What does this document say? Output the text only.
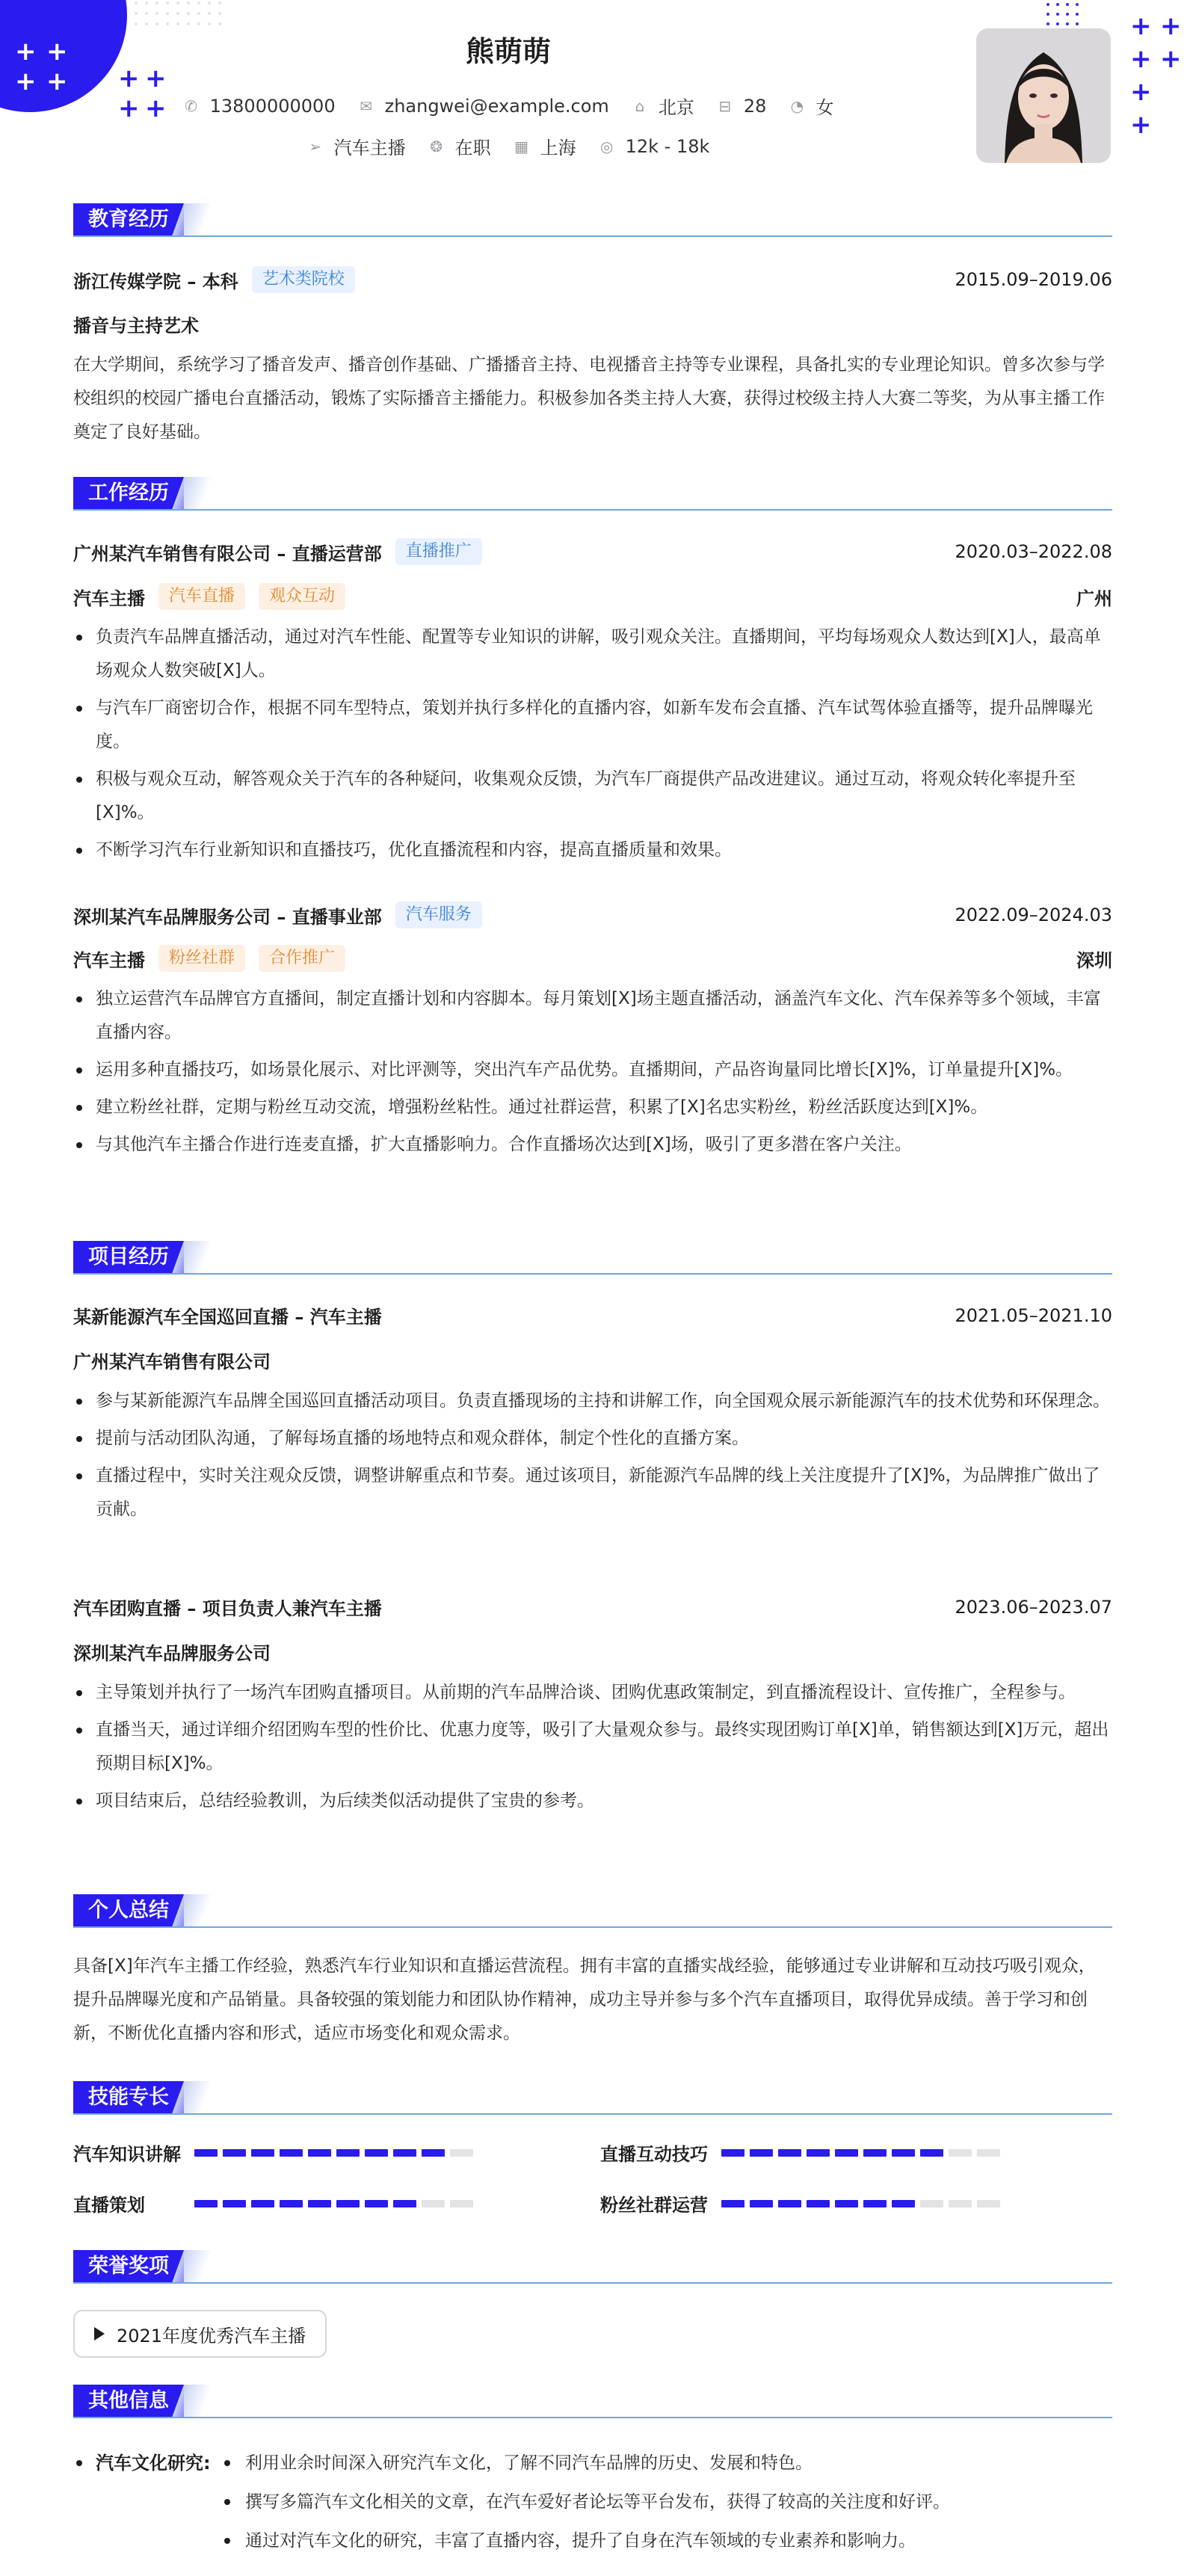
+ +
+ + + +
+ +
+ +
+ +
+
+
熊萌萌
✆ 13800000000 ✉ zhangwei@example.com ⌂ 北京 ⊟ 28 ◔ 女
➢ 汽车主播 ❂ 在职 ▦ 上海 ◎ 12k - 18k
教育经历
浙江传媒学院 – 本科	艺术类院校	2015.09–2019.06
播音与主持艺术
在大学期间，系统学习了播音发声、播音创作基础、广播播音主持、电视播音主持等专业课程，具备扎实的专业理论知识。曾多次参与学校组织的校园广播电台直播活动，锻炼了实际播音主播能力。积极参加各类主持人大赛，获得过校级主持人大赛二等奖，为从事主播工作奠定了良好基础。
工作经历
广州某汽车销售有限公司 – 直播运营部	直播推广	2020.03–2022.08
汽车主播	汽车直播	观众互动	广州
负责汽车品牌直播活动，通过对汽车性能、配置等专业知识的讲解，吸引观众关注。直播期间，平均每场观众人数达到[X]人，最高单场观众人数突破[X]人。
与汽车厂商密切合作，根据不同车型特点，策划并执行多样化的直播内容，如新车发布会直播、汽车试驾体验直播等，提升品牌曝光度。
积极与观众互动，解答观众关于汽车的各种疑问，收集观众反馈，为汽车厂商提供产品改进建议。通过互动，将观众转化率提升至[X]%。
不断学习汽车行业新知识和直播技巧，优化直播流程和内容，提高直播质量和效果。
深圳某汽车品牌服务公司 – 直播事业部	汽车服务	2022.09–2024.03
汽车主播	粉丝社群	合作推广	深圳
独立运营汽车品牌官方直播间，制定直播计划和内容脚本。每月策划[X]场主题直播活动，涵盖汽车文化、汽车保养等多个领域，丰富直播内容。
运用多种直播技巧，如场景化展示、对比评测等，突出汽车产品优势。直播期间，产品咨询量同比增长[X]%，订单量提升[X]%。
建立粉丝社群，定期与粉丝互动交流，增强粉丝粘性。通过社群运营，积累了[X]名忠实粉丝，粉丝活跃度达到[X]%。
与其他汽车主播合作进行连麦直播，扩大直播影响力。合作直播场次达到[X]场，吸引了更多潜在客户关注。
项目经历
某新能源汽车全国巡回直播 – 汽车主播	2021.05–2021.10
广州某汽车销售有限公司
参与某新能源汽车品牌全国巡回直播活动项目。负责直播现场的主持和讲解工作，向全国观众展示新能源汽车的技术优势和环保理念。
提前与活动团队沟通，了解每场直播的场地特点和观众群体，制定个性化的直播方案。
直播过程中，实时关注观众反馈，调整讲解重点和节奏。通过该项目，新能源汽车品牌的线上关注度提升了[X]%，为品牌推广做出了贡献。
汽车团购直播 – 项目负责人兼汽车主播	2023.06–2023.07
深圳某汽车品牌服务公司
主导策划并执行了一场汽车团购直播项目。从前期的汽车品牌洽谈、团购优惠政策制定，到直播流程设计、宣传推广，全程参与。
直播当天，通过详细介绍团购车型的性价比、优惠力度等，吸引了大量观众参与。最终实现团购订单[X]单，销售额达到[X]万元，超出预期目标[X]%。
项目结束后，总结经验教训，为后续类似活动提供了宝贵的参考。
个人总结
具备[X]年汽车主播工作经验，熟悉汽车行业知识和直播运营流程。拥有丰富的直播实战经验，能够通过专业讲解和互动技巧吸引观众，提升品牌曝光度和产品销量。具备较强的策划能力和团队协作精神，成功主导并参与多个汽车直播项目，取得优异成绩。善于学习和创新，不断优化直播内容和形式，适应市场变化和观众需求。
技能专长
汽车知识讲解	直播互动技巧
直播策划	粉丝社群运营
荣誉奖项
2021年度优秀汽车主播
其他信息
汽车文化研究:	利用业余时间深入研究汽车文化，了解不同汽车品牌的历史、发展和特色。
撰写多篇汽车文化相关的文章，在汽车爱好者论坛等平台发布，获得了较高的关注度和好评。
通过对汽车文化的研究，丰富了直播内容，提升了自身在汽车领域的专业素养和影响力。
